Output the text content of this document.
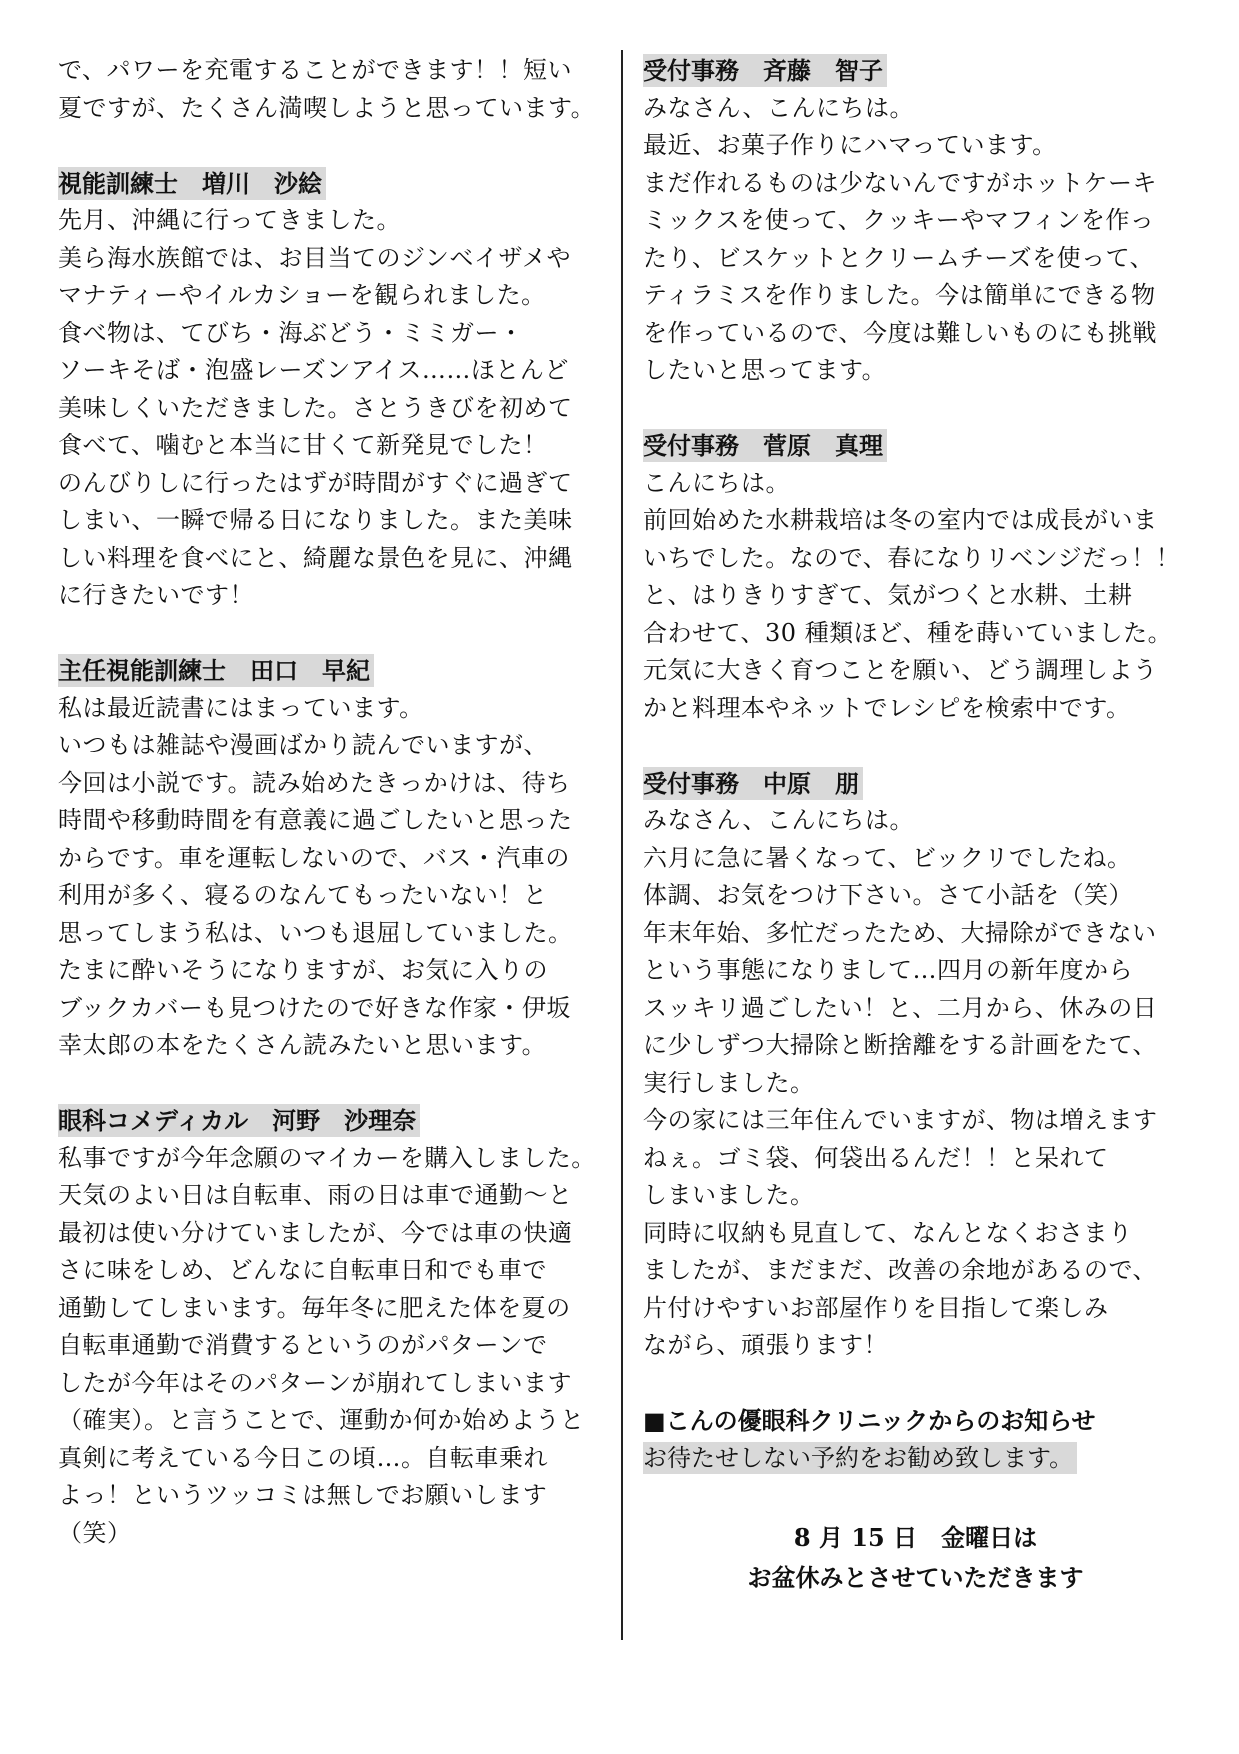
で、パワーを充電することができます！！短い
夏ですが、たくさん満喫しようと思っています。
視能訓練士　増川　沙絵
先月、沖縄に行ってきました。
美ら海水族館では、お目当てのジンベイザメや
マナティーやイルカショーを観られました。
食べ物は、てびち・海ぶどう・ミミガー・
ソーキそば・泡盛レーズンアイス……ほとんど
美味しくいただきました。さとうきびを初めて
食べて、噛むと本当に甘くて新発見でした！
のんびりしに行ったはずが時間がすぐに過ぎて
しまい、一瞬で帰る日になりました。また美味
しい料理を食べにと、綺麗な景色を見に、沖縄
に行きたいです！
主任視能訓練士　田口　早紀
私は最近読書にはまっています。
いつもは雑誌や漫画ばかり読んでいますが、
今回は小説です。読み始めたきっかけは、待ち
時間や移動時間を有意義に過ごしたいと思った
からです。車を運転しないので、バス・汽車の
利用が多く、寝るのなんてもったいない！と
思ってしまう私は、いつも退屈していました。
たまに酔いそうになりますが、お気に入りの
ブックカバーも見つけたので好きな作家・伊坂
幸太郎の本をたくさん読みたいと思います。
眼科コメディカル　河野　沙理奈
私事ですが今年念願のマイカーを購入しました。
天気のよい日は自転車、雨の日は車で通勤～と
最初は使い分けていましたが、今では車の快適
さに味をしめ、どんなに自転車日和でも車で
通勤してしまいます。毎年冬に肥えた体を夏の
自転車通勤で消費するというのがパターンで
したが今年はそのパターンが崩れてしまいます
（確実）。と言うことで、運動か何か始めようと
真剣に考えている今日この頃…。自転車乗れ
よっ！というツッコミは無しでお願いします
（笑）
受付事務　斉藤　智子
みなさん、こんにちは。
最近、お菓子作りにハマっています。
まだ作れるものは少ないんですがホットケーキ
ミックスを使って、クッキーやマフィンを作っ
たり、ビスケットとクリームチーズを使って、
ティラミスを作りました。今は簡単にできる物
を作っているので、今度は難しいものにも挑戦
したいと思ってます。
受付事務　菅原　真理
こんにちは。
前回始めた水耕栽培は冬の室内では成長がいま
いちでした。なので、春になりリベンジだっ！！
と、はりきりすぎて、気がつくと水耕、土耕
合わせて、30 種類ほど、種を蒔いていました。
元気に大きく育つことを願い、どう調理しよう
かと料理本やネットでレシピを検索中です。
受付事務　中原　朋
みなさん、こんにちは。
六月に急に暑くなって、ビックリでしたね。
体調、お気をつけ下さい。さて小話を（笑）
年末年始、多忙だったため、大掃除ができない
という事態になりまして…四月の新年度から
スッキリ過ごしたい！と、二月から、休みの日
に少しずつ大掃除と断捨離をする計画をたて、
実行しました。
今の家には三年住んでいますが、物は増えます
ねぇ。ゴミ袋、何袋出るんだ！！と呆れて
しまいました。
同時に収納も見直して、なんとなくおさまり
ましたが、まだまだ、改善の余地があるので、
片付けやすいお部屋作りを目指して楽しみ
ながら、頑張ります！
■こんの優眼科クリニックからのお知らせ
お待たせしない予約をお勧め致します。
8 月 15 日　金曜日は
お盆休みとさせていただきます
